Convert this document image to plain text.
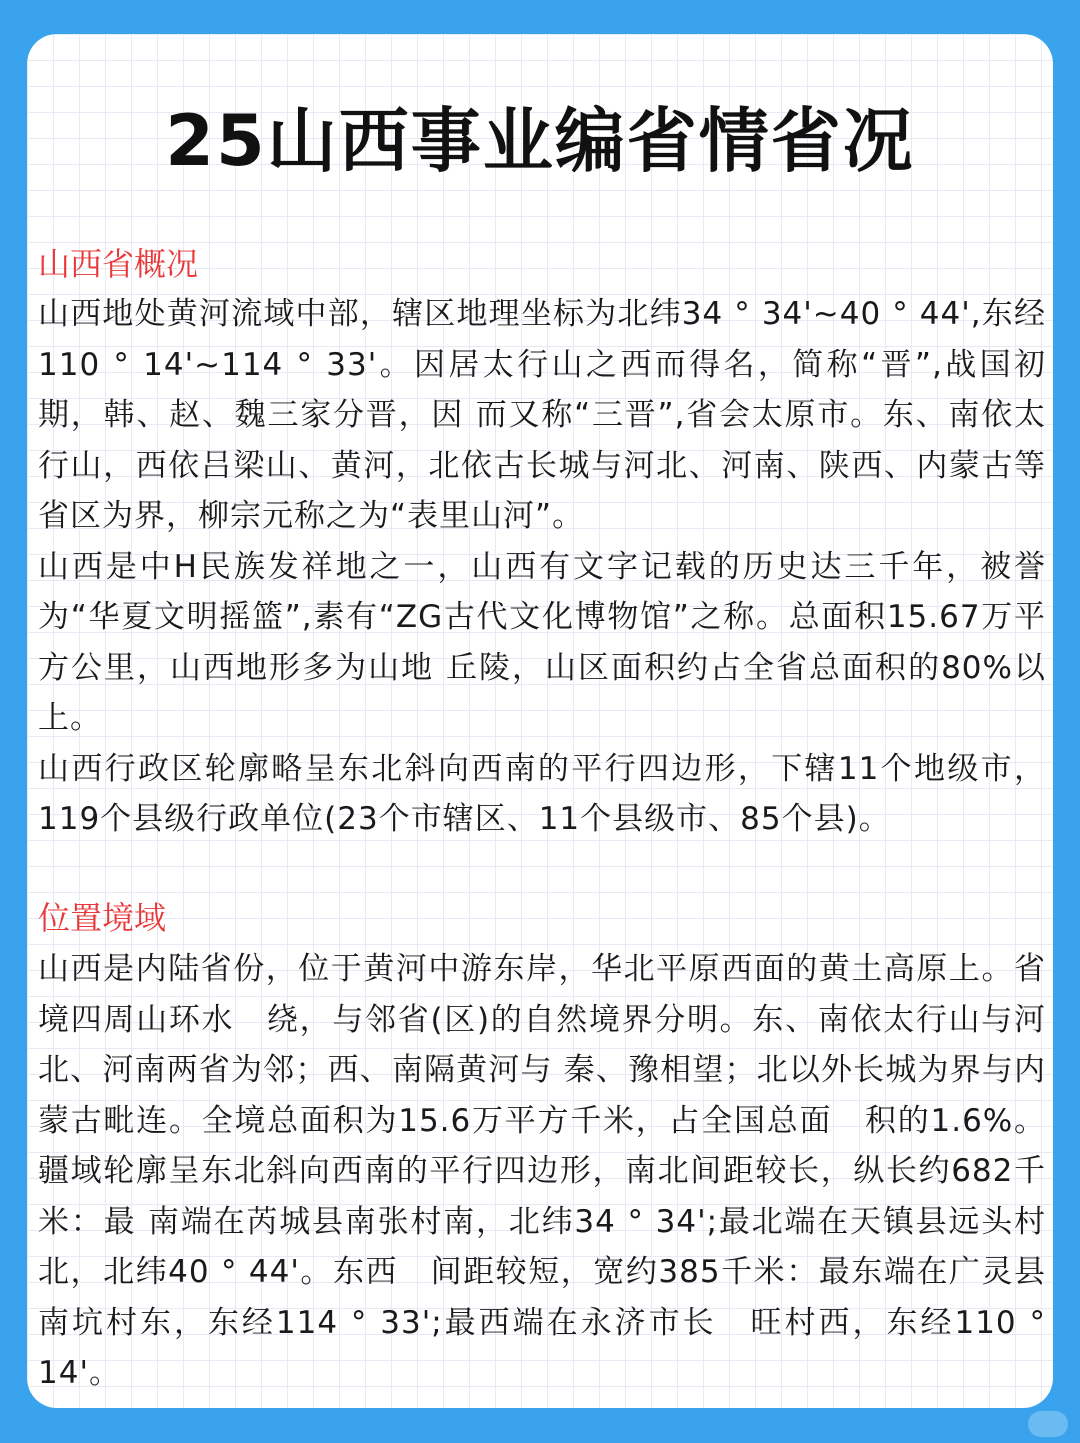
25山西事业编省情省况
山西省概况

山西地处黄河流域中部，辖区地理坐标为北纬34 ° 34'~40 ° 44',东经110 ° 14'~114 ° 33'。因居太行山之西而得名，简称“晋”,战国初期，韩、赵、魏三家分晋，因 而又称“三晋”,省会太原市。东、南依太行山，西依吕梁山、黄河，北依古长城与河北、河南、陕西、内蒙古等省区为界，柳宗元称之为“表里山河”。

山西是中H民族发祥地之一，山西有文字记载的历史达三千年，被誉为“华夏文明摇篮”,素有“ZG古代文化博物馆”之称。总面积15.67万平方公里，山西地形多为山地 丘陵，山区面积约占全省总面积的80%以上。

山西行政区轮廓略呈东北斜向西南的平行四边形，下辖11个地级市，119个县级行政单位(23个市辖区、11个县级市、85个县)。

位置境域

山西是内陆省份，位于黄河中游东岸，华北平原西面的黄土高原上。省境四周山环水　绕，与邻省(区)的自然境界分明。东、南依太行山与河北、河南两省为邻；西、南隔黄河与 秦、豫相望；北以外长城为界与内蒙古毗连。全境总面积为15.6万平方千米，占全国总面　积的1.6%。疆域轮廓呈东北斜向西南的平行四边形，南北间距较长，纵长约682千米：最 南端在芮城县南张村南，北纬34 ° 34';最北端在天镇县远头村北，北纬40 ° 44'。东西　间距较短，宽约385千米：最东端在广灵县南坑村东，东经114 ° 33';最西端在永济市长　旺村西，东经110 ° 14'。
